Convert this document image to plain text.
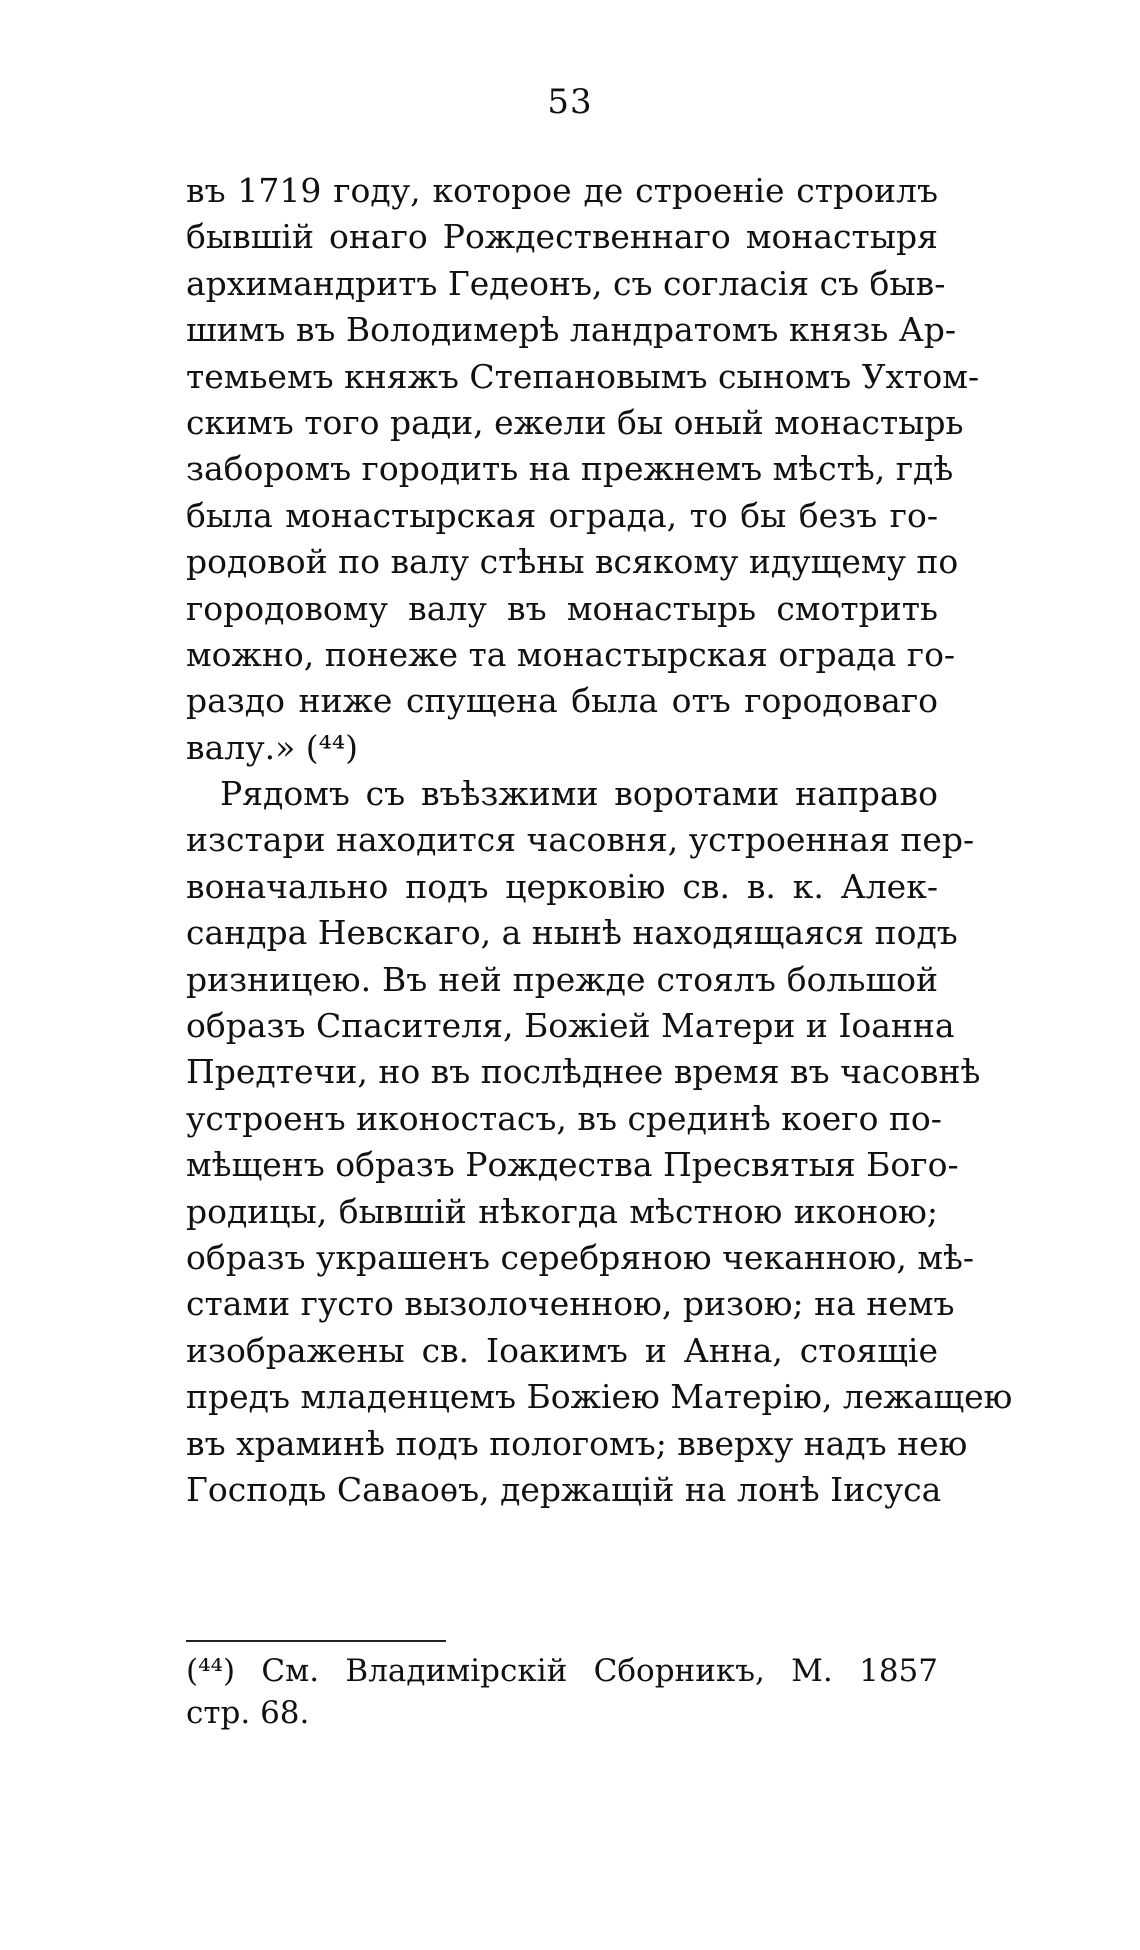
53
въ 1719 году, которое де строеніе строилъ
бывшій онаго Рождественнаго монастыря
архимандритъ Гедеонъ, съ согласія съ быв-
шимъ въ Володимерѣ ландратомъ князь Ар-
темьемъ княжъ Степановымъ сыномъ Ухтом-
скимъ того ради, ежели бы оный монастырь
заборомъ городить на прежнемъ мѣстѣ, гдѣ
была монастырская ограда, то бы безъ го-
родовой по валу стѣны всякому идущему по
городовому валу въ монастырь смотрить
можно, понеже та монастырская ограда го-
раздо ниже спущена была отъ городоваго
валу.» (⁴⁴)
Рядомъ съ въѣзжими воротами направо
изстари находится часовня, устроенная пер-
воначально подъ церковію св. в. к. Алек-
сандра Невскаго, а нынѣ находящаяся подъ
ризницею. Въ ней прежде стоялъ большой
образъ Спасителя, Божіей Матери и Іоанна
Предтечи, но въ послѣднее время въ часовнѣ
устроенъ иконостасъ, въ срединѣ коего по-
мѣщенъ образъ Рождества Пресвятыя Бого-
родицы, бывшій нѣкогда мѣстною иконою;
образъ украшенъ серебряною чеканною, мѣ-
стами густо вызолоченною, ризою; на немъ
изображены св. Іоакимъ и Анна, стоящіе
предъ младенцемъ Божіею Матерію, лежащею
въ храминѣ подъ пологомъ; вверху надъ нею
Господь Саваоѳъ, держащій на лонѣ Іисуса
(⁴⁴) См. Владимірскій Сборникъ, М. 1857
стр. 68.
